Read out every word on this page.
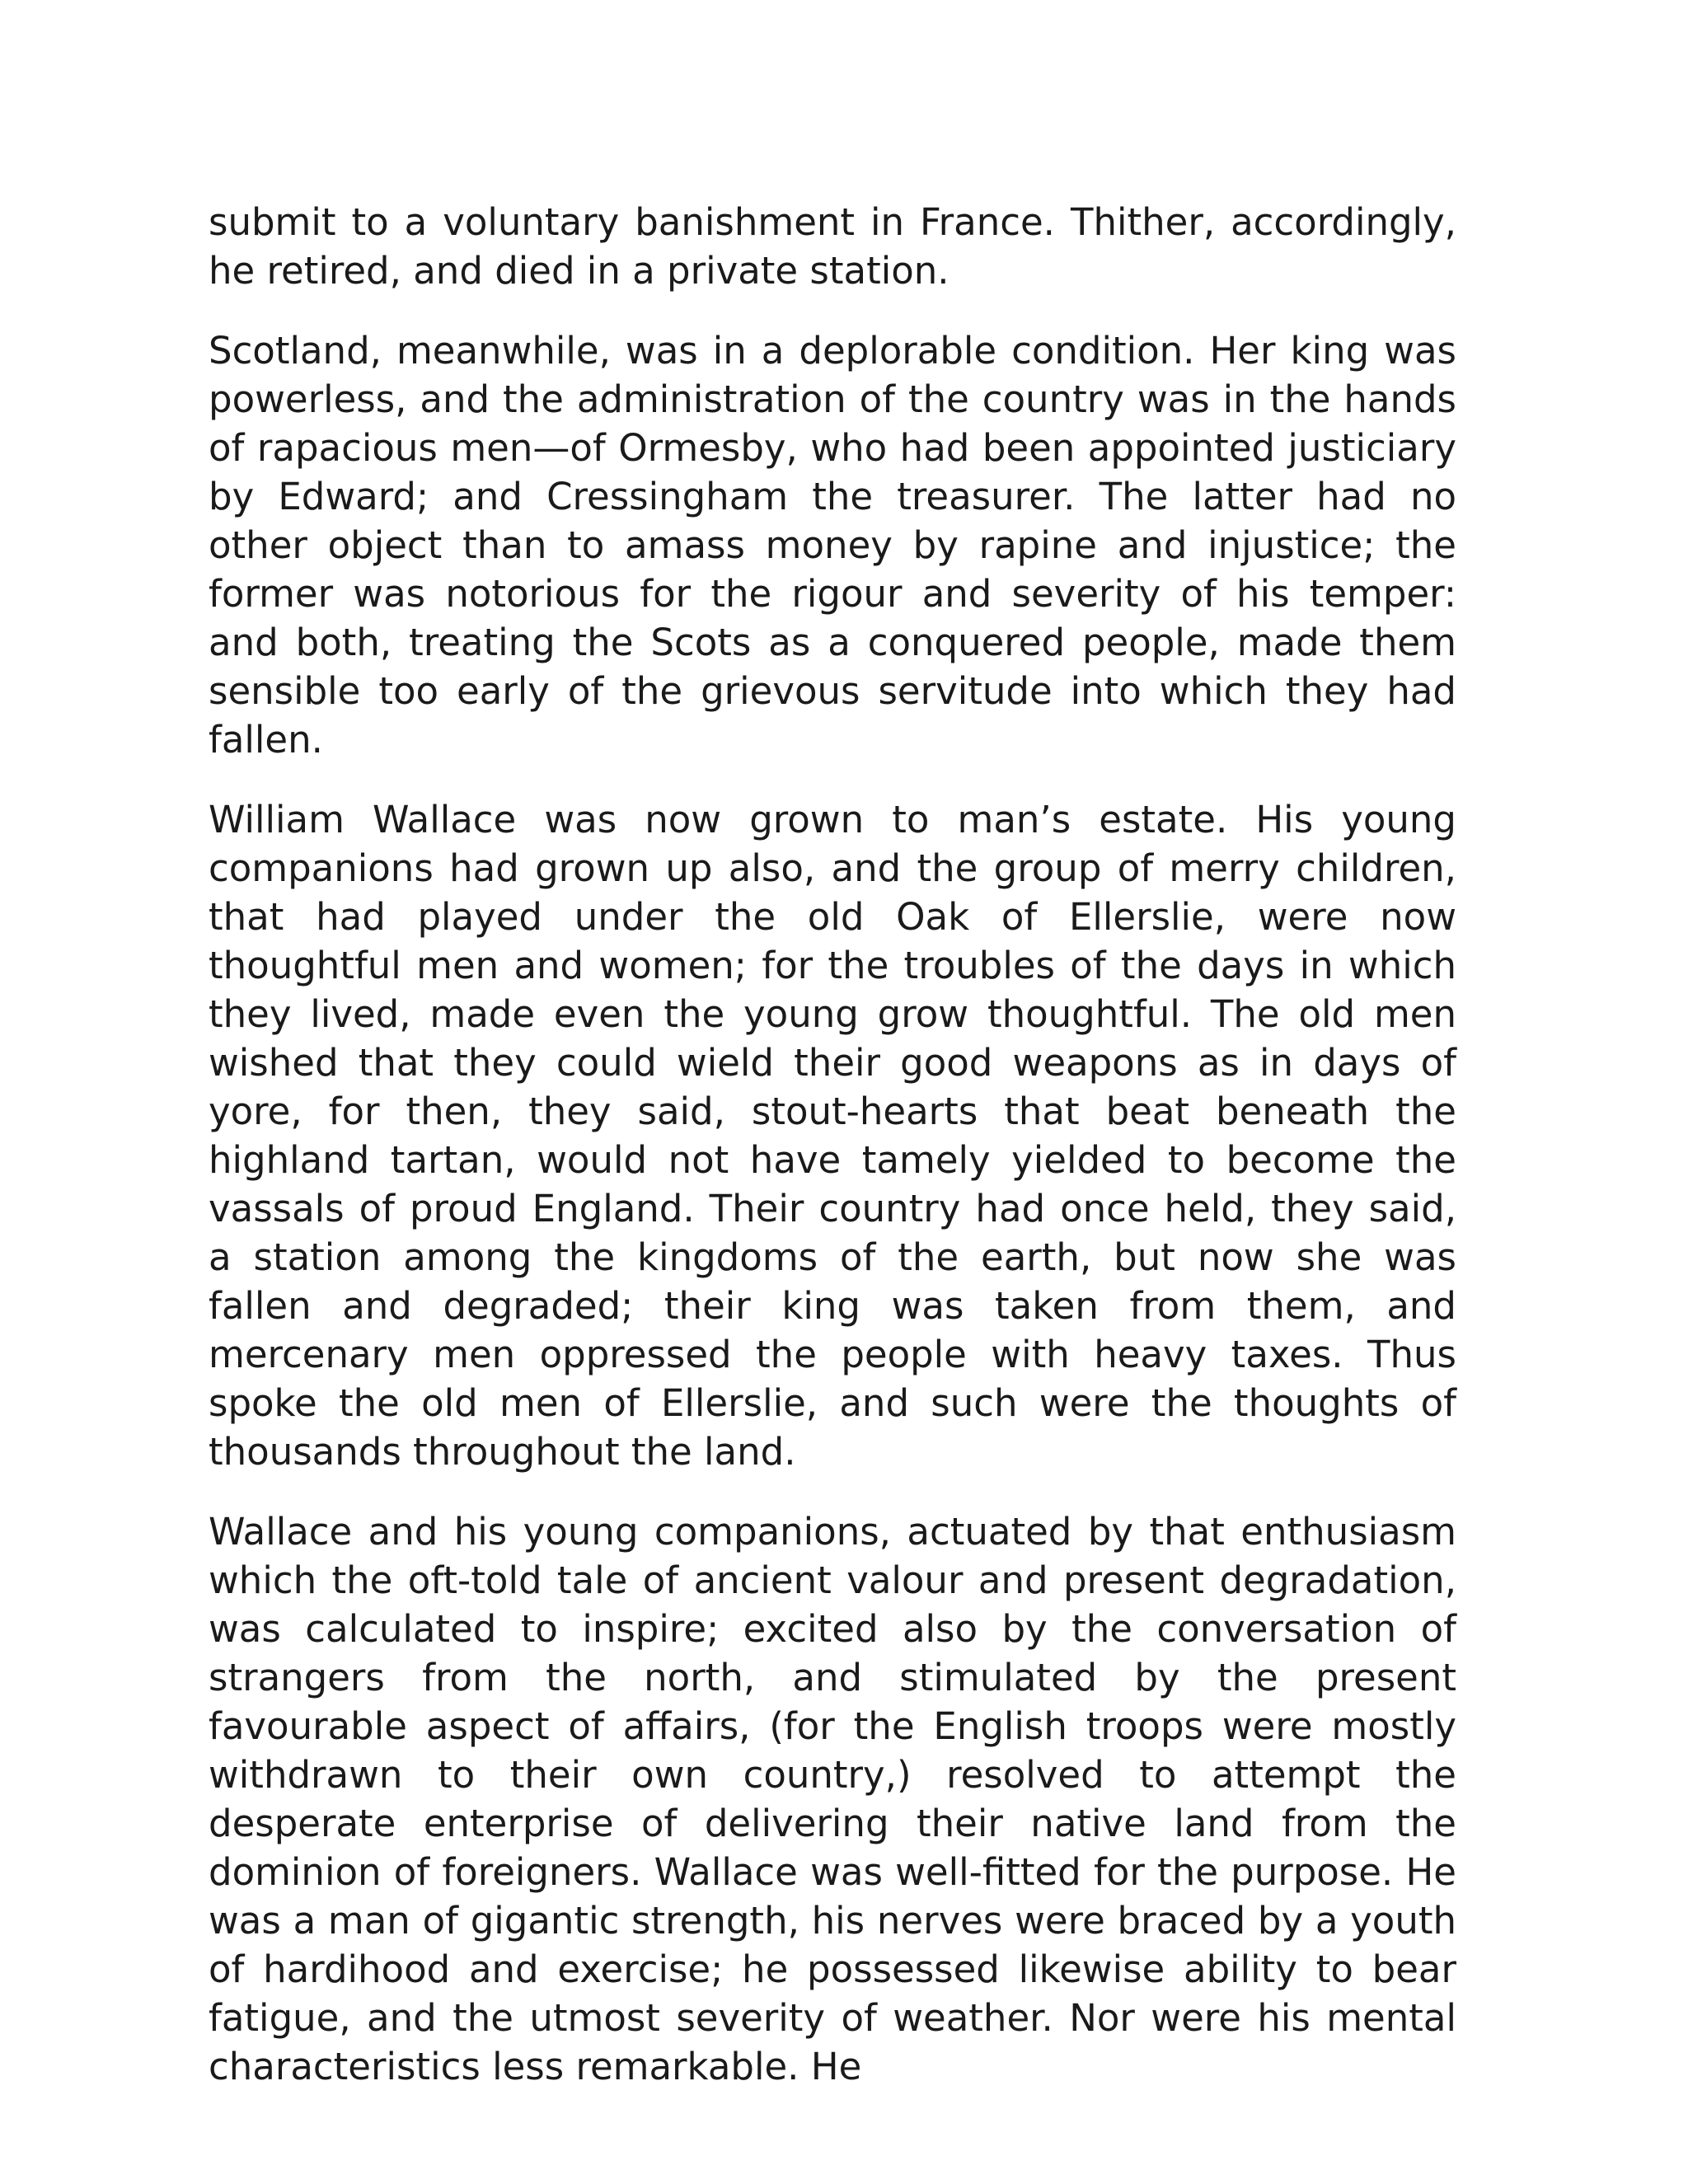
submit to a voluntary banishment in France. Thither, accordingly, he retired, and died in a private station.

Scotland, meanwhile, was in a deplorable condition. Her king was powerless, and the administration of the country was in the hands of rapacious men—of Ormesby, who had been appointed justiciary by Edward; and Cressingham the treasurer. The latter had no other object than to amass money by rapine and injustice; the former was notorious for the rigour and severity of his temper: and both, treating the Scots as a conquered people, made them sensible too early of the grievous servitude into which they had fallen.

William Wallace was now grown to man’s estate. His young companions had grown up also, and the group of merry children, that had played under the old Oak of Ellerslie, were now thoughtful men and women; for the troubles of the days in which they lived, made even the young grow thoughtful. The old men wished that they could wield their good weapons as in days of yore, for then, they said, stout-hearts that beat beneath the highland tartan, would not have tamely yielded to become the vassals of proud England. Their country had once held, they said, a station among the kingdoms of the earth, but now she was fallen and degraded; their king was taken from them, and mercenary men oppressed the people with heavy taxes. Thus spoke the old men of Ellerslie, and such were the thoughts of thousands throughout the land.

Wallace and his young companions, actuated by that enthusiasm which the oft-told tale of ancient valour and present degradation, was calculated to inspire; excited also by the conversation of strangers from the north, and stimulated by the present favourable aspect of affairs, (for the English troops were mostly withdrawn to their own country,) resolved to attempt the desperate enterprise of delivering their native land from the dominion of foreigners. Wallace was well-fitted for the purpose. He was a man of gigantic strength, his nerves were braced by a youth of hardihood and exercise; he possessed likewise ability to bear fatigue, and the utmost severity of weather. Nor were his mental characteristics less remarkable. He
